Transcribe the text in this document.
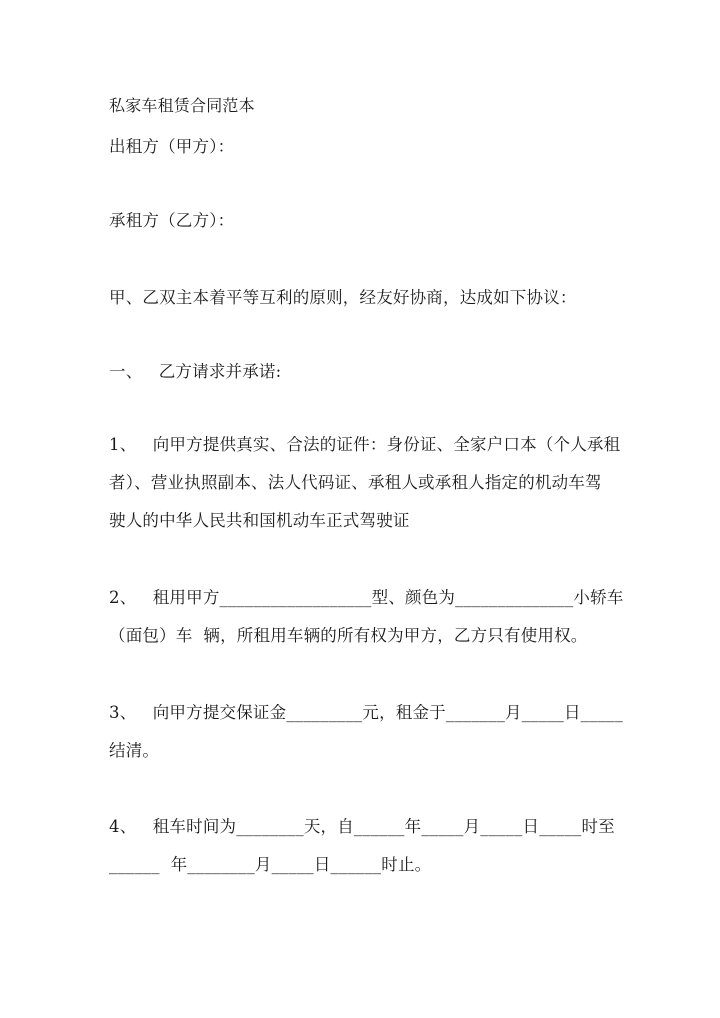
私家车租赁合同范本

出租方（甲方）：

承租方（乙方）：

甲、乙双主本着平等互利的原则，经友好协商，达成如下协议：

一、   乙方请求并承诺:

1、   向甲方提供真实、合法的证件：身份证、全家户口本（个人承租

者）、营业执照副本、法人代码证、承租人或承租人指定的机动车驾

驶人的中华人民共和国机动车正式驾驶证

2、   租用甲方__________________型、颜色为______________小轿车

（面包）车  辆，所租用车辆的所有权为甲方，乙方只有使用权。

3、   向甲方提交保证金_________元，租金于_______月_____日_____

结清。

4、   租车时间为________天，自______年_____月_____日_____时至

______  年________月_____日______时止。
